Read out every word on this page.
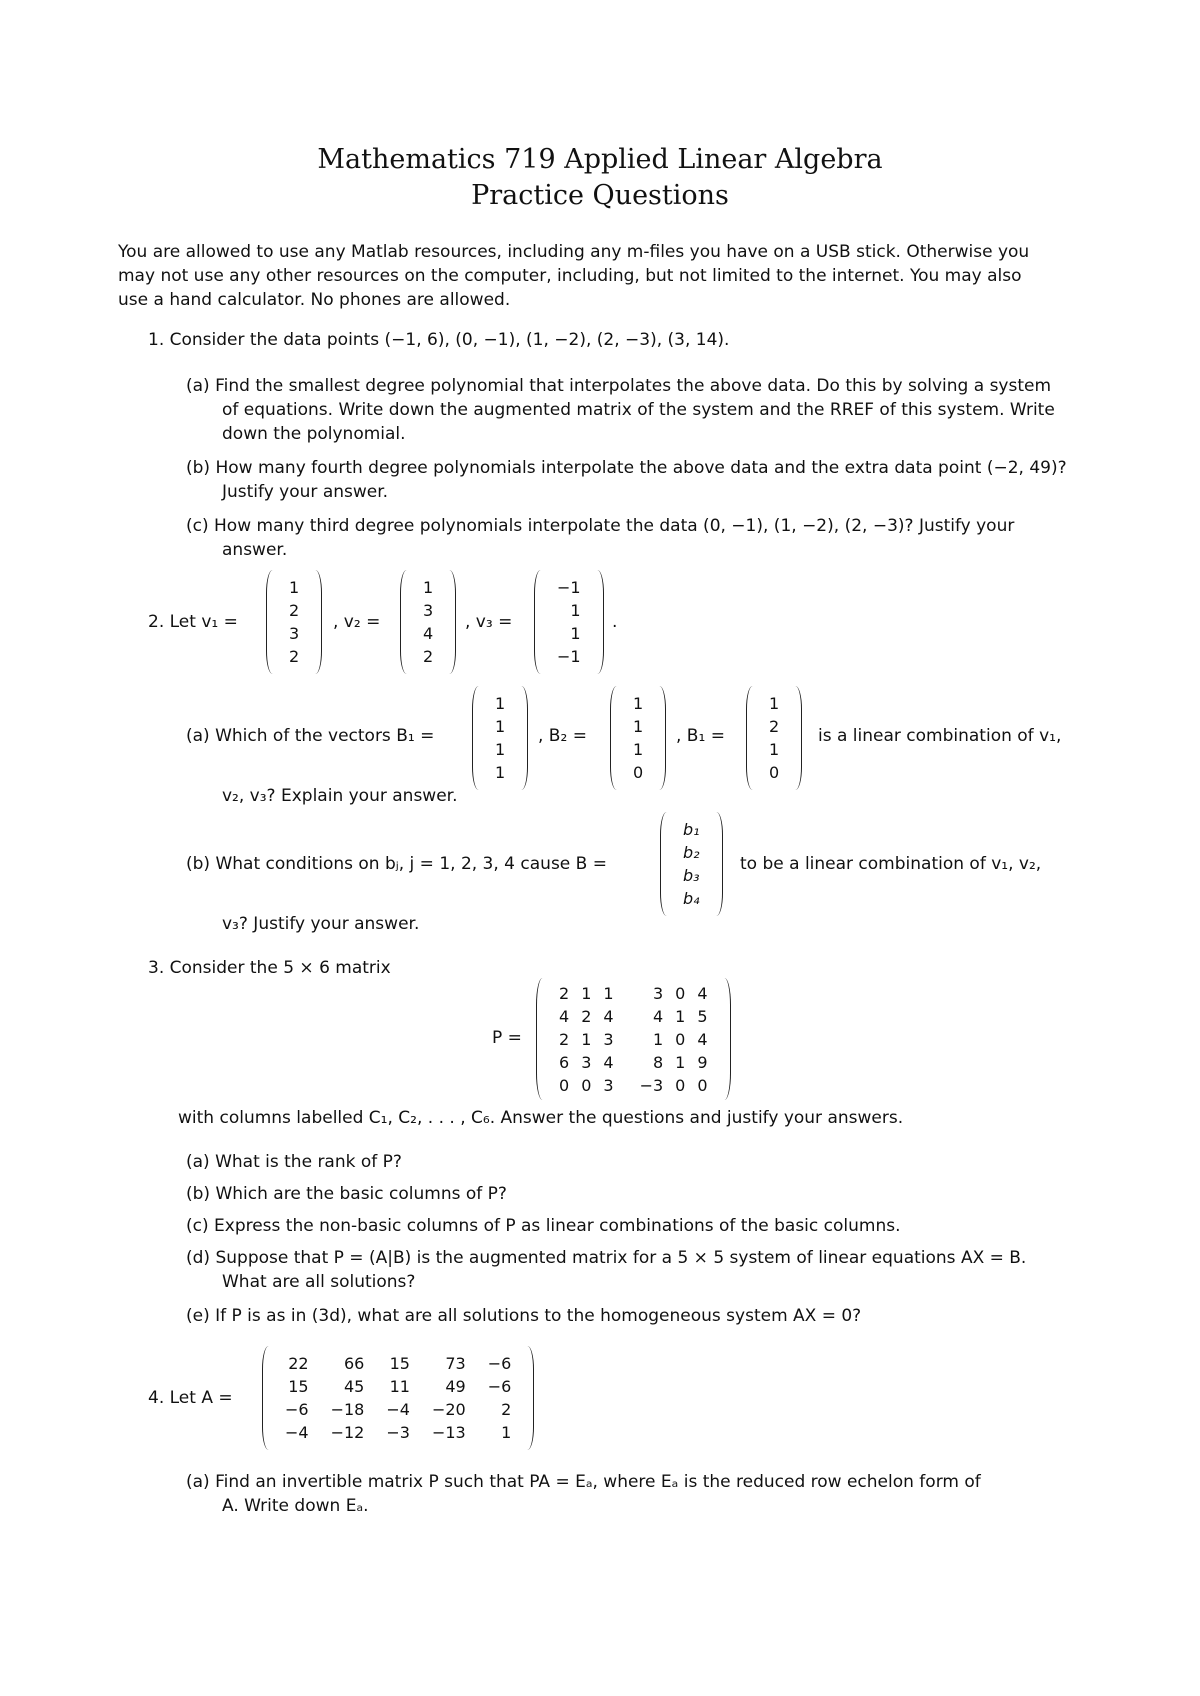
Mathematics 719 Applied Linear Algebra
Practice Questions
You are allowed to use any Matlab resources, including any m-files you have on a USB stick. Otherwise you
may not use any other resources on the computer, including, but not limited to the internet. You may also
use a hand calculator. No phones are allowed.
1. Consider the data points (−1, 6), (0, −1), (1, −2), (2, −3), (3, 14).
(a) Find the smallest degree polynomial that interpolates the above data. Do this by solving a system
of equations. Write down the augmented matrix of the system and the RREF of this system. Write
down the polynomial.
(b) How many fourth degree polynomials interpolate the above data and the extra data point (−2, 49)?
Justify your answer.
(c) How many third degree polynomials interpolate the data (0, −1), (1, −2), (2, −3)? Justify your
answer.
2. Let v₁ =
1
2
3
2
, v₂ =
1
3
4
2
, v₃ =
−1
1
1
−1
.
(a) Which of the vectors B₁ =
1
1
1
1
, B₂ =
1
1
1
0
, B₁ =
1
2
1
0
is a linear combination of v₁,
v₂, v₃? Explain your answer.
(b) What conditions on bⱼ, j = 1, 2, 3, 4 cause B =
b₁
b₂
b₃
b₄
to be a linear combination of v₁, v₂,
v₃? Justify your answer.
3. Consider the 5 × 6 matrix
P =
2 1 1	3 0 4
4 2 4	4 1 5
2 1 3	1 0 4
6 3 4	8 1 9
0 0 3	−3 0 0
with columns labelled C₁, C₂, . . . , C₆. Answer the questions and justify your answers.
(a) What is the rank of P?
(b) Which are the basic columns of P?
(c) Express the non-basic columns of P as linear combinations of the basic columns.
(d) Suppose that P = (A|B) is the augmented matrix for a 5 × 5 system of linear equations AX = B.
What are all solutions?
(e) If P is as in (3d), what are all solutions to the homogeneous system AX = 0?
4. Let A =
22	66	15	73	−6
15	45	11	49	−6
−6	−18	−4	−20	2
−4	−12	−3	−13	1
(a) Find an invertible matrix P such that PA = Eₐ, where Eₐ is the reduced row echelon form of
A. Write down Eₐ.
